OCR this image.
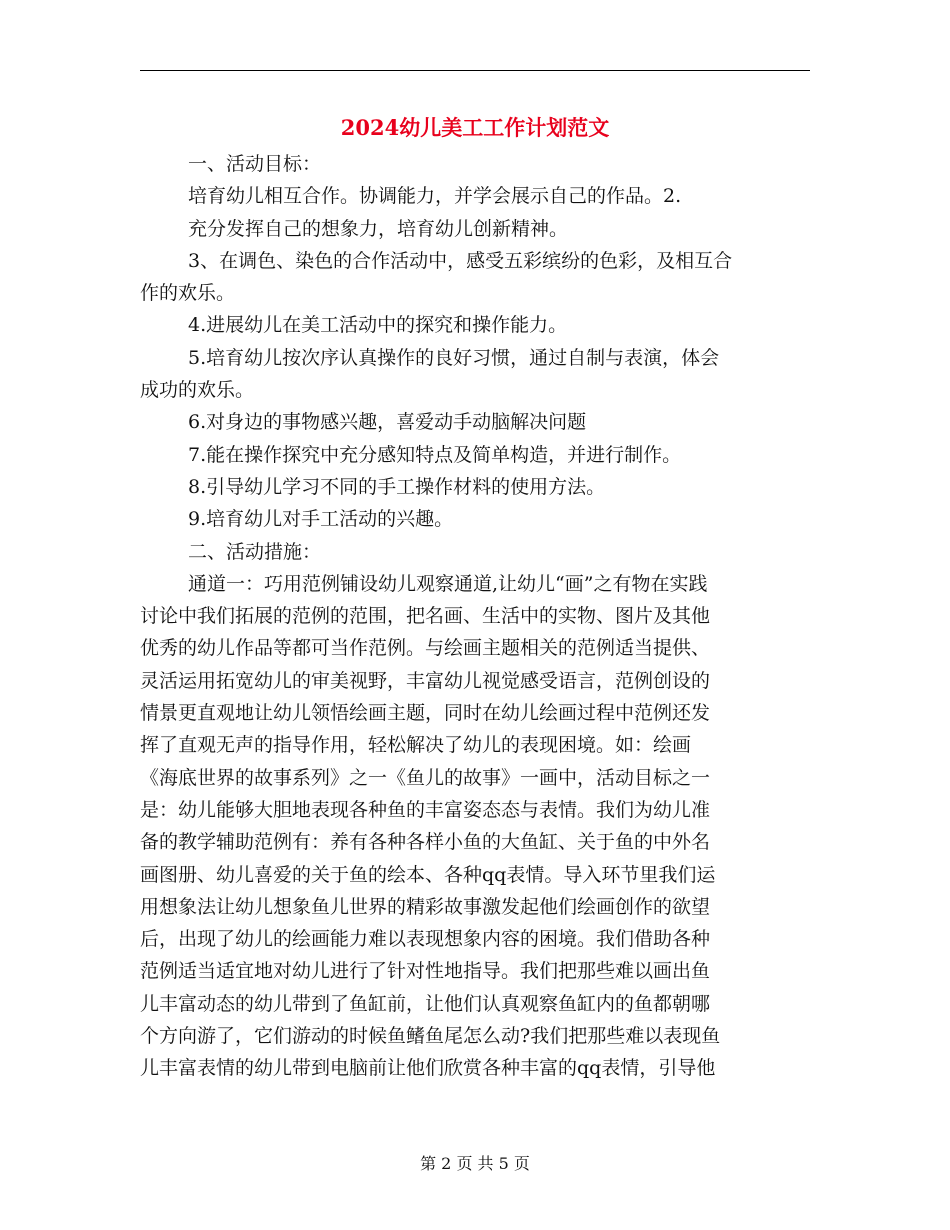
2024幼儿美工工作计划范文
一、活动目标：
培育幼儿相互合作。协调能力，并学会展示自己的作品。2.
充分发挥自己的想象力，培育幼儿创新精神。
3、在调色、染色的合作活动中，感受五彩缤纷的色彩，及相互合
作的欢乐。
4.进展幼儿在美工活动中的探究和操作能力。
5.培育幼儿按次序认真操作的良好习惯，通过自制与表演，体会
成功的欢乐。
6.对身边的事物感兴趣，喜爱动手动脑解决问题
7.能在操作探究中充分感知特点及简单构造，并进行制作。
8.引导幼儿学习不同的手工操作材料的使用方法。
9.培育幼儿对手工活动的兴趣。
二、活动措施：
通道一：巧用范例铺设幼儿观察通道,让幼儿“画”之有物在实践
讨论中我们拓展的范例的范围，把名画、生活中的实物、图片及其他
优秀的幼儿作品等都可当作范例。与绘画主题相关的范例适当提供、
灵活运用拓宽幼儿的审美视野，丰富幼儿视觉感受语言，范例创设的
情景更直观地让幼儿领悟绘画主题，同时在幼儿绘画过程中范例还发
挥了直观无声的指导作用，轻松解决了幼儿的表现困境。如：绘画
《海底世界的故事系列》之一《鱼儿的故事》一画中，活动目标之一
是：幼儿能够大胆地表现各种鱼的丰富姿态态与表情。我们为幼儿准
备的教学辅助范例有：养有各种各样小鱼的大鱼缸、关于鱼的中外名
画图册、幼儿喜爱的关于鱼的绘本、各种qq表情。导入环节里我们运
用想象法让幼儿想象鱼儿世界的精彩故事激发起他们绘画创作的欲望
后，出现了幼儿的绘画能力难以表现想象内容的困境。我们借助各种
范例适当适宜地对幼儿进行了针对性地指导。我们把那些难以画出鱼
儿丰富动态的幼儿带到了鱼缸前，让他们认真观察鱼缸内的鱼都朝哪
个方向游了，它们游动的时候鱼鳍鱼尾怎么动?我们把那些难以表现鱼
儿丰富表情的幼儿带到电脑前让他们欣赏各种丰富的qq表情，引导他
第 2 页 共 5 页
